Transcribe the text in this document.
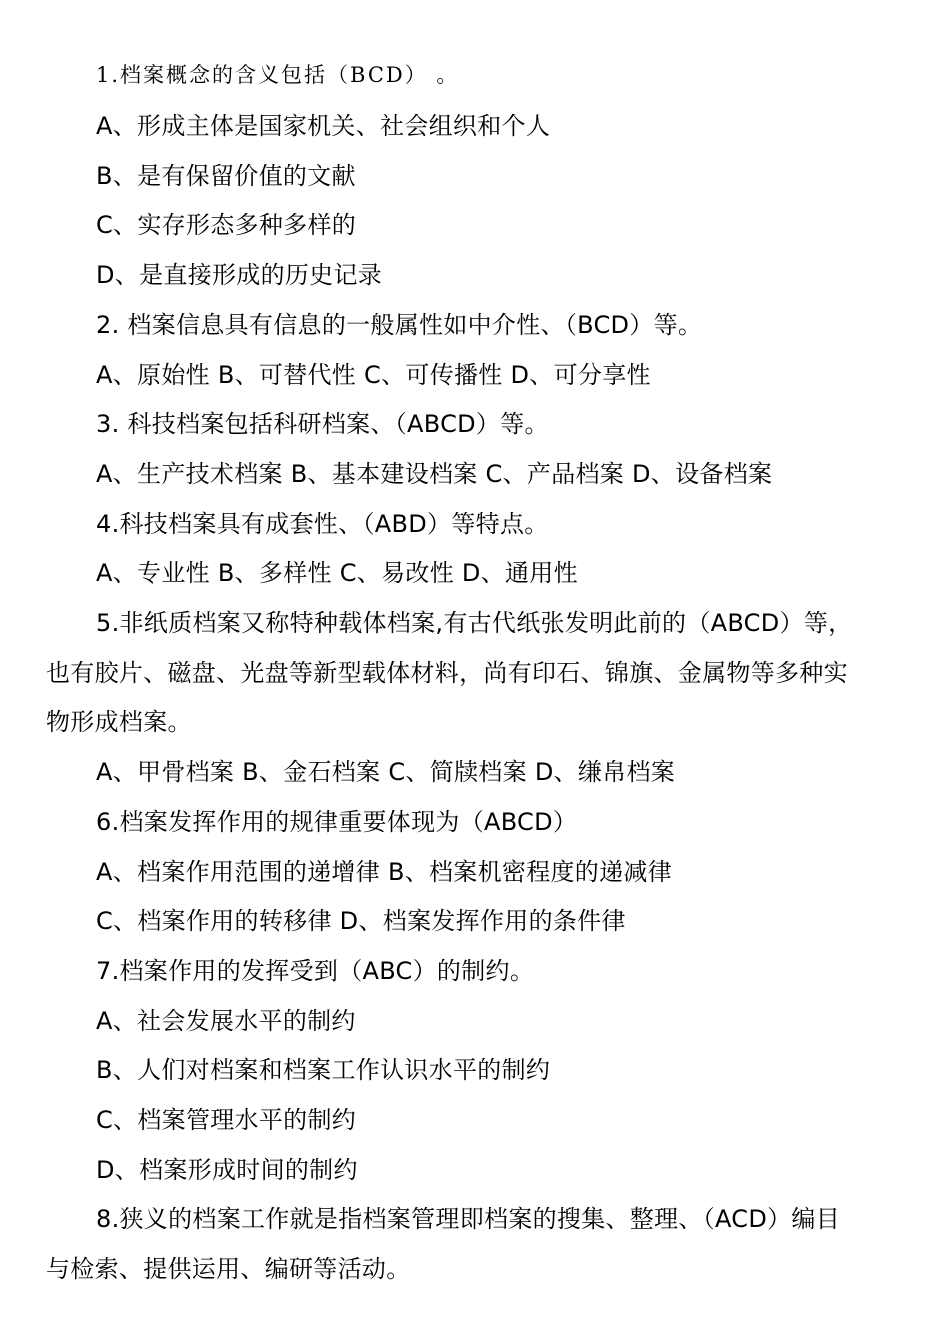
1.档案概念的含义包括（BCD） 。
A、形成主体是国家机关、社会组织和个人
B、是有保留价值的文献
C、实存形态多种多样的
D、是直接形成的历史记录
2. 档案信息具有信息的一般属性如中介性、（BCD）等。
A、原始性 B、可替代性 C、可传播性 D、可分享性
3. 科技档案包括科研档案、（ABCD）等。
A、生产技术档案 B、基本建设档案 C、产品档案 D、设备档案
4.科技档案具有成套性、（ABD）等特点。
A、专业性 B、多样性 C、易改性 D、通用性
5.非纸质档案又称特种载体档案,有古代纸张发明此前的（ABCD）等，
也有胶片、磁盘、光盘等新型载体材料，尚有印石、锦旗、金属物等多种实
物形成档案。
A、甲骨档案 B、金石档案 C、简牍档案 D、缣帛档案
6.档案发挥作用的规律重要体现为（ABCD）
A、档案作用范围的递增律 B、档案机密程度的递减律
C、档案作用的转移律 D、档案发挥作用的条件律
7.档案作用的发挥受到（ABC）的制约。
A、社会发展水平的制约
B、人们对档案和档案工作认识水平的制约
C、档案管理水平的制约
D、档案形成时间的制约
8.狭义的档案工作就是指档案管理即档案的搜集、整理、（ACD）编目
与检索、提供运用、编研等活动。
